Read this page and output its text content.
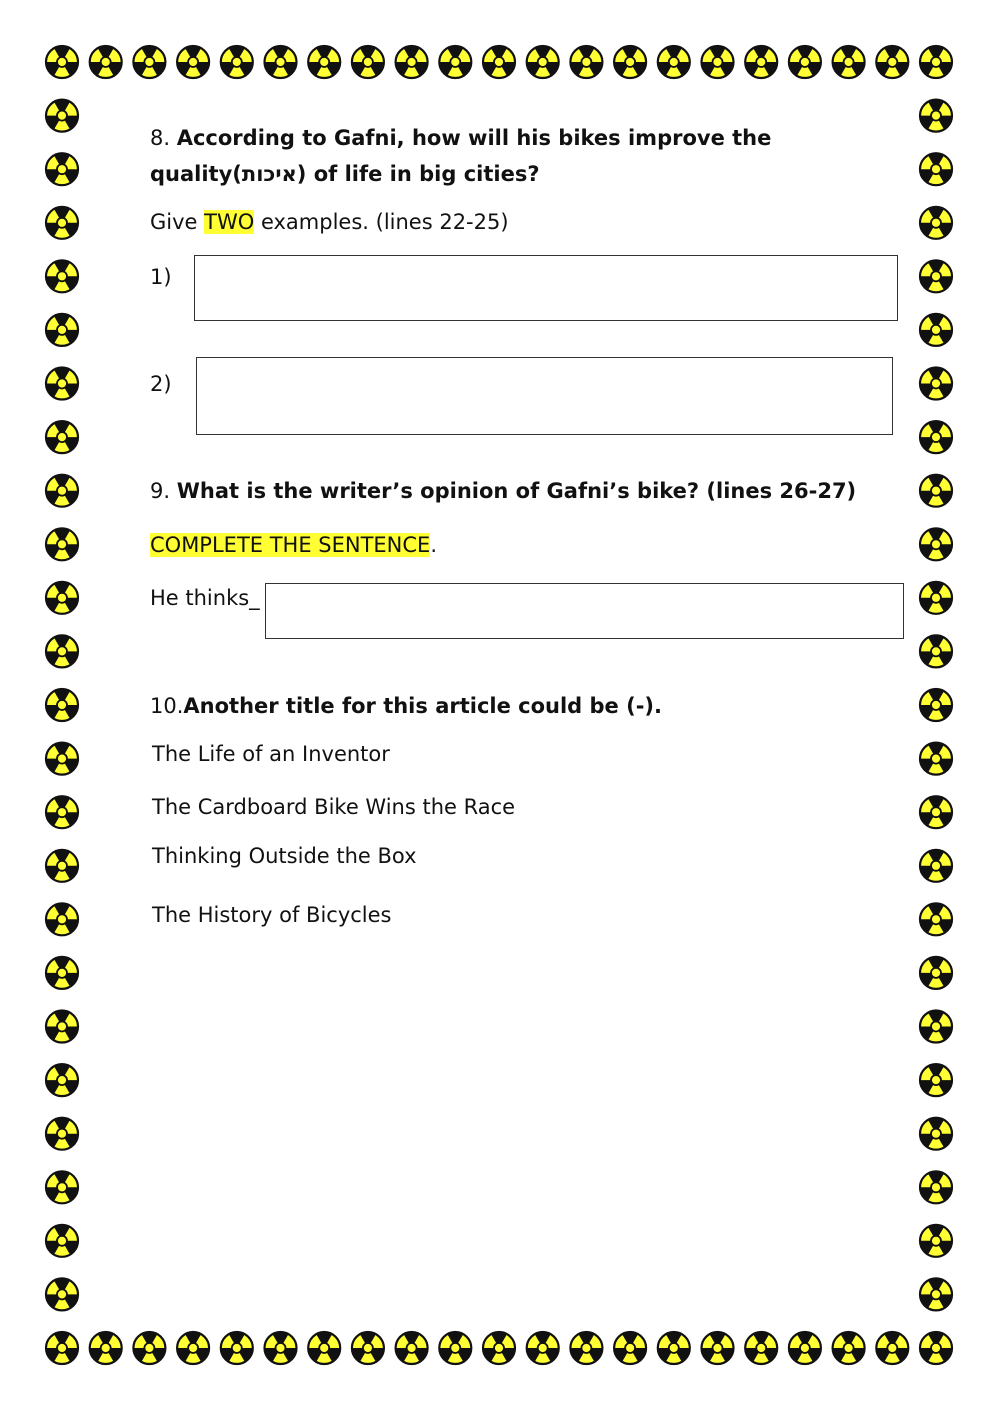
8. According to Gafni, how will his bikes improve the

quality(איכות) of life in big cities?

Give TWO examples. (lines 22-25)

1)

2)

9. What is the writer’s opinion of Gafni’s bike? (lines 26-27)

COMPLETE THE SENTENCE.

He thinks_

10.Another title for this article could be (-).

The Life of an Inventor

The Cardboard Bike Wins the Race

Thinking Outside the Box

The History of Bicycles
